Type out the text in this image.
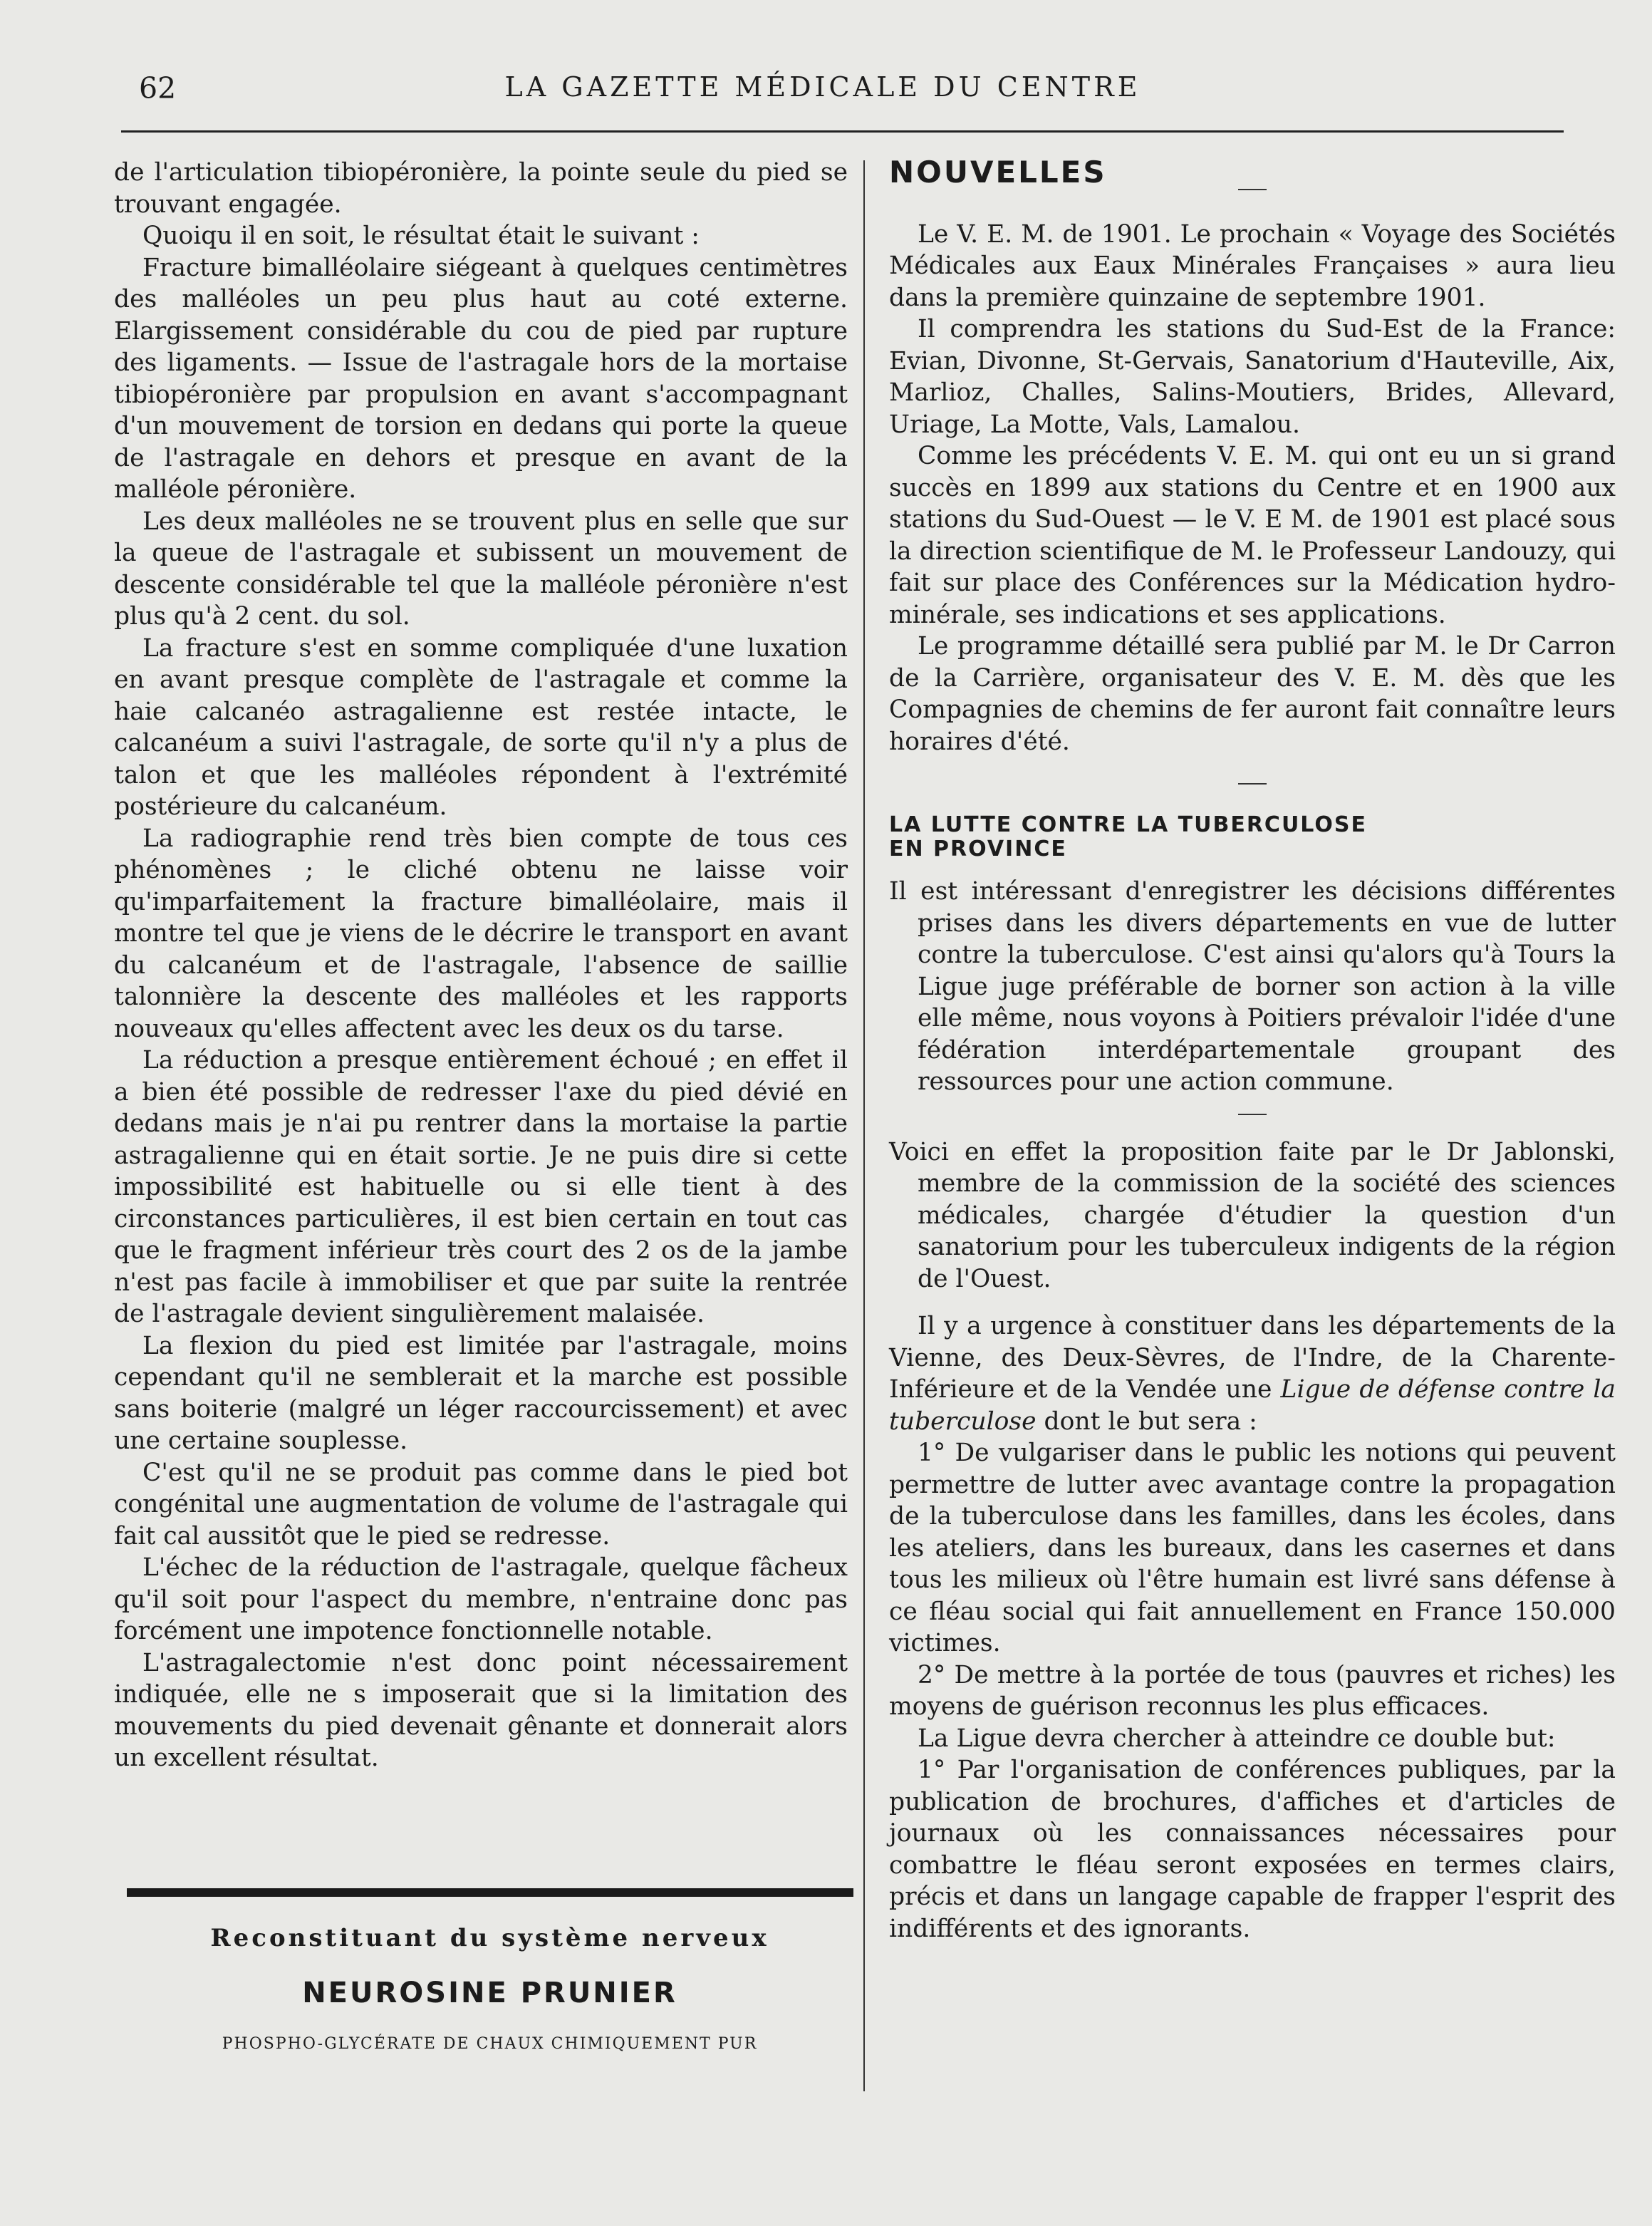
62	LA GAZETTE MÉDICALE DU CENTRE

de l'articulation tibiopéronière, la pointe seule du pied se trouvant engagée.

Quoiqu il en soit, le résultat était le suivant :

Fracture bimalléolaire siégeant à quelques centimètres des malléoles un peu plus haut au coté externe. Elargissement considérable du cou de pied par rupture des ligaments. — Issue de l'astragale hors de la mortaise tibiopéronière par propulsion en avant s'accompagnant d'un mouvement de torsion en dedans qui porte la queue de l'astragale en dehors et presque en avant de la malléole péronière.

Les deux malléoles ne se trouvent plus en selle que sur la queue de l'astragale et subissent un mouvement de descente considérable tel que la malléole péronière n'est plus qu'à 2 cent. du sol.

La fracture s'est en somme compliquée d'une luxation en avant presque complète de l'astragale et comme la haie calcanéo astragalienne est restée intacte, le calcanéum a suivi l'astragale, de sorte qu'il n'y a plus de talon et que les malléoles répondent à l'extrémité postérieure du calcanéum.

La radiographie rend très bien compte de tous ces phénomènes ; le cliché obtenu ne laisse voir qu'imparfaitement la fracture bimalléolaire, mais il montre tel que je viens de le décrire le transport en avant du calcanéum et de l'astragale, l'absence de saillie talonnière la descente des malléoles et les rapports nouveaux qu'elles affectent avec les deux os du tarse.

La réduction a presque entièrement échoué ; en effet il a bien été possible de redresser l'axe du pied dévié en dedans mais je n'ai pu rentrer dans la mortaise la partie astragalienne qui en était sortie. Je ne puis dire si cette impossibilité est habituelle ou si elle tient à des circonstances particulières, il est bien certain en tout cas que le fragment inférieur très court des 2 os de la jambe n'est pas facile à immobiliser et que par suite la rentrée de l'astragale devient singulièrement malaisée.

La flexion du pied est limitée par l'astragale, moins cependant qu'il ne semblerait et la marche est possible sans boiterie (malgré un léger raccourcissement) et avec une certaine souplesse.

C'est qu'il ne se produit pas comme dans le pied bot congénital une augmentation de volume de l'astragale qui fait cal aussitôt que le pied se redresse.

L'échec de la réduction de l'astragale, quelque fâcheux qu'il soit pour l'aspect du membre, n'entraine donc pas forcément une impotence fonctionnelle notable.

L'astragalectomie n'est donc point nécessairement indiquée, elle ne s imposerait que si la limitation des mouvements du pied devenait gênante et donnerait alors un excellent résultat.

Reconstituant du système nerveux

NEUROSINE PRUNIER

PHOSPHO-GLYCÉRATE DE CHAUX CHIMIQUEMENT PUR

NOUVELLES

Le V. E. M. de 1901. Le prochain « Voyage des Sociétés Médicales aux Eaux Minérales Françaises » aura lieu dans la première quinzaine de septembre 1901.

Il comprendra les stations du Sud-Est de la France: Evian, Divonne, St-Gervais, Sanatorium d'Hauteville, Aix, Marlioz, Challes, Salins-Moutiers, Brides, Allevard, Uriage, La Motte, Vals, Lamalou.

Comme les précédents V. E. M. qui ont eu un si grand succès en 1899 aux stations du Centre et en 1900 aux stations du Sud-Ouest — le V. E M. de 1901 est placé sous la direction scientifique de M. le Professeur Landouzy, qui fait sur place des Conférences sur la Médication hydro-minérale, ses indications et ses applications.

Le programme détaillé sera publié par M. le Dr Carron de la Carrière, organisateur des V. E. M. dès que les Compagnies de chemins de fer auront fait connaître leurs horaires d'été.

LA LUTTE CONTRE LA TUBERCULOSE

EN PROVINCE

Il est intéressant d'enregistrer les décisions différentes prises dans les divers départements en vue de lutter contre la tuberculose. C'est ainsi qu'alors qu'à Tours la Ligue juge préférable de borner son action à la ville elle même, nous voyons à Poitiers prévaloir l'idée d'une fédération interdépartementale groupant des ressources pour une action commune.

Voici en effet la proposition faite par le Dr Jablonski, membre de la commission de la société des sciences médicales, chargée d'étudier la question d'un sanatorium pour les tuberculeux indigents de la région de l'Ouest.

Il y a urgence à constituer dans les départements de la Vienne, des Deux-Sèvres, de l'Indre, de la Charente-Inférieure et de la Vendée une Ligue de défense contre la tuberculose dont le but sera :

1° De vulgariser dans le public les notions qui peuvent permettre de lutter avec avantage contre la propagation de la tuberculose dans les familles, dans les écoles, dans les ateliers, dans les bureaux, dans les casernes et dans tous les milieux où l'être humain est livré sans défense à ce fléau social qui fait annuellement en France 150.000 victimes.

2° De mettre à la portée de tous (pauvres et riches) les moyens de guérison reconnus les plus efficaces.

La Ligue devra chercher à atteindre ce double but:

1° Par l'organisation de conférences publiques, par la publication de brochures, d'affiches et d'articles de journaux où les connaissances nécessaires pour combattre le fléau seront exposées en termes clairs, précis et dans un langage capable de frapper l'esprit des indifférents et des ignorants.
